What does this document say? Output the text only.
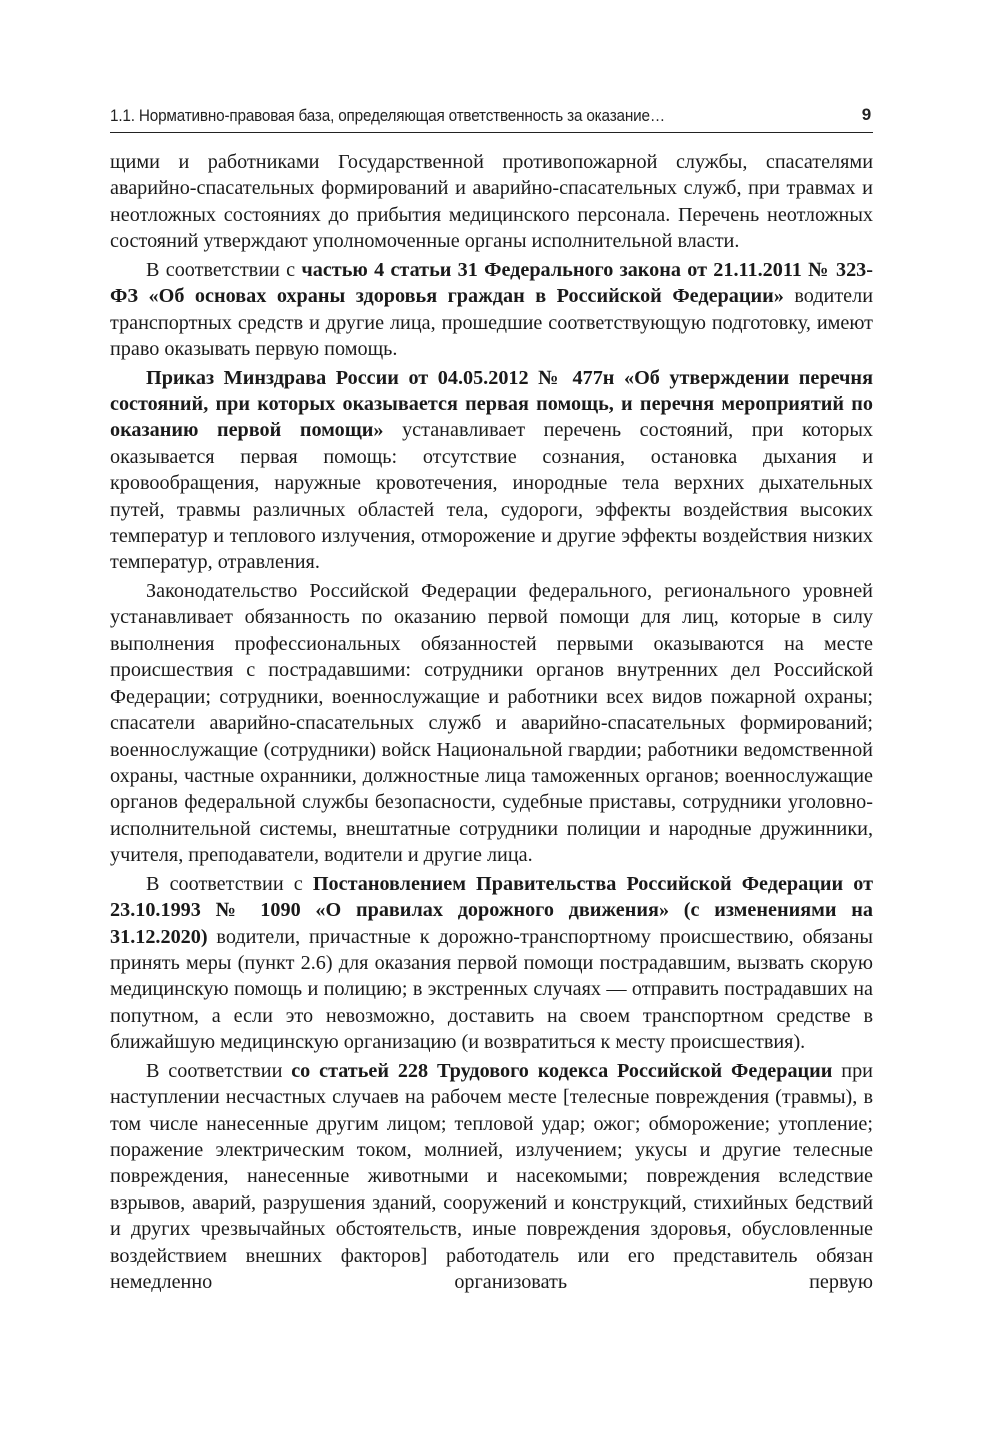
1.1. Нормативно-правовая база, определяющая ответственность за оказание…	9

щими и работниками Государственной противопожарной службы, спасателями аварийно-спасательных формирований и аварийно-спасательных служб, при травмах и неотложных состояниях до прибытия медицинского персонала. Перечень неотложных состояний утверждают уполномоченные органы исполнительной власти.

В соответствии с частью 4 статьи 31 Федерального закона от 21.11.2011 № 323-ФЗ «Об основах охраны здоровья граждан в Российской Федерации» водители транспортных средств и другие лица, прошедшие соответствующую подготовку, имеют право оказывать первую помощь.

Приказ Минздрава России от 04.05.2012 № 477н «Об утверждении перечня состояний, при которых оказывается первая помощь, и перечня мероприятий по оказанию первой помощи» устанавливает перечень состояний, при которых оказывается первая помощь: отсутствие сознания, остановка дыхания и кровообращения, наружные кровотечения, инородные тела верхних дыхательных путей, травмы различных областей тела, судороги, эффекты воздействия высоких температур и теплового излучения, отморожение и другие эффекты воздействия низких температур, отравления.

Законодательство Российской Федерации федерального, регионального уровней устанавливает обязанность по оказанию первой помощи для лиц, которые в силу выполнения профессиональных обязанностей первыми оказываются на месте происшествия с пострадавшими: сотрудники органов внутренних дел Российской Федерации; сотрудники, военнослужащие и работники всех видов пожарной охраны; спасатели аварийно-спасательных служб и аварийно-спасательных формирований; военнослужащие (сотрудники) войск Национальной гвардии; работники ведомственной охраны, частные охранники, должностные лица таможенных органов; военнослужащие органов федеральной службы безопасности, судебные приставы, сотрудники уголовно-исполнительной системы, внештатные сотрудники полиции и народные дружинники, учителя, преподаватели, водители и другие лица.

В соответствии с Постановлением Правительства Российской Федерации от 23.10.1993 № 1090 «О правилах дорожного движения» (с изменениями на 31.12.2020) водители, причастные к дорожно-транспортному происшествию, обязаны принять меры (пункт 2.6) для оказания первой помощи пострадавшим, вызвать скорую медицинскую помощь и полицию; в экстренных случаях — отправить пострадавших на попутном, а если это невозможно, доставить на своем транспортном средстве в ближайшую медицинскую организацию (и возвратиться к месту происшествия).

В соответствии со статьей 228 Трудового кодекса Российской Федерации при наступлении несчастных случаев на рабочем месте [телесные повреждения (травмы), в том числе нанесенные другим лицом; тепловой удар; ожог; обморожение; утопление; поражение электрическим током, молнией, излучением; укусы и другие телесные повреждения, нанесенные животными и насекомыми; повреждения вследствие взрывов, аварий, разрушения зданий, сооружений и конструкций, стихийных бедствий и других чрезвычайных обстоятельств, иные повреждения здоровья, обусловленные воздействием внешних факторов] работодатель или его представитель обязан немедленно организовать первую
